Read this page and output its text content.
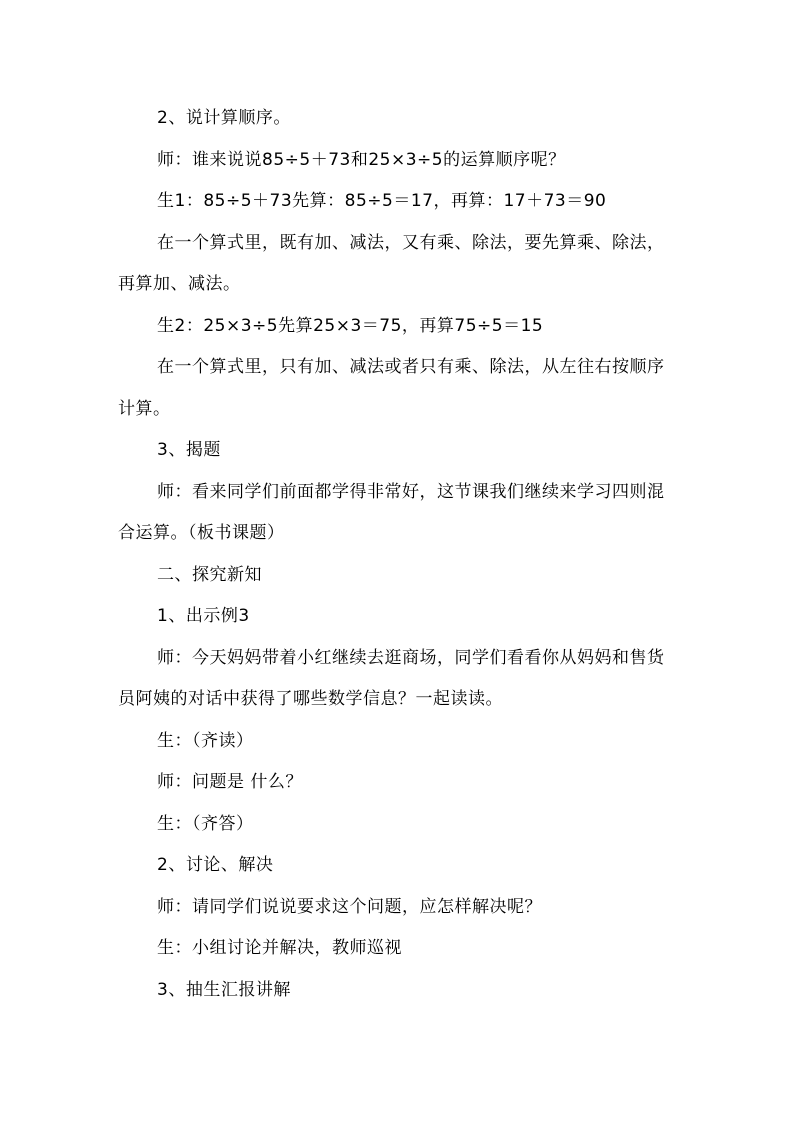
2、说计算顺序。

师：谁来说说85÷5＋73和25×3÷5的运算顺序呢？

生1：85÷5＋73先算：85÷5＝17，再算：17＋73＝90

在一个算式里，既有加、减法，又有乘、除法，要先算乘、除法，再算加、减法。

生2：25×3÷5先算25×3＝75，再算75÷5＝15

在一个算式里，只有加、减法或者只有乘、除法，从左往右按顺序计算。

3、揭题

师：看来同学们前面都学得非常好，这节课我们继续来学习四则混合运算。（板书课题）

二、探究新知

1、出示例3

师：今天妈妈带着小红继续去逛商场，同学们看看你从妈妈和售货员阿姨的对话中获得了哪些数学信息？一起读读。

生：（齐读）

师：问题是 什么？

生：（齐答）

2、讨论、解决

师：请同学们说说要求这个问题，应怎样解决呢？

生：小组讨论并解决，教师巡视

3、抽生汇报讲解
